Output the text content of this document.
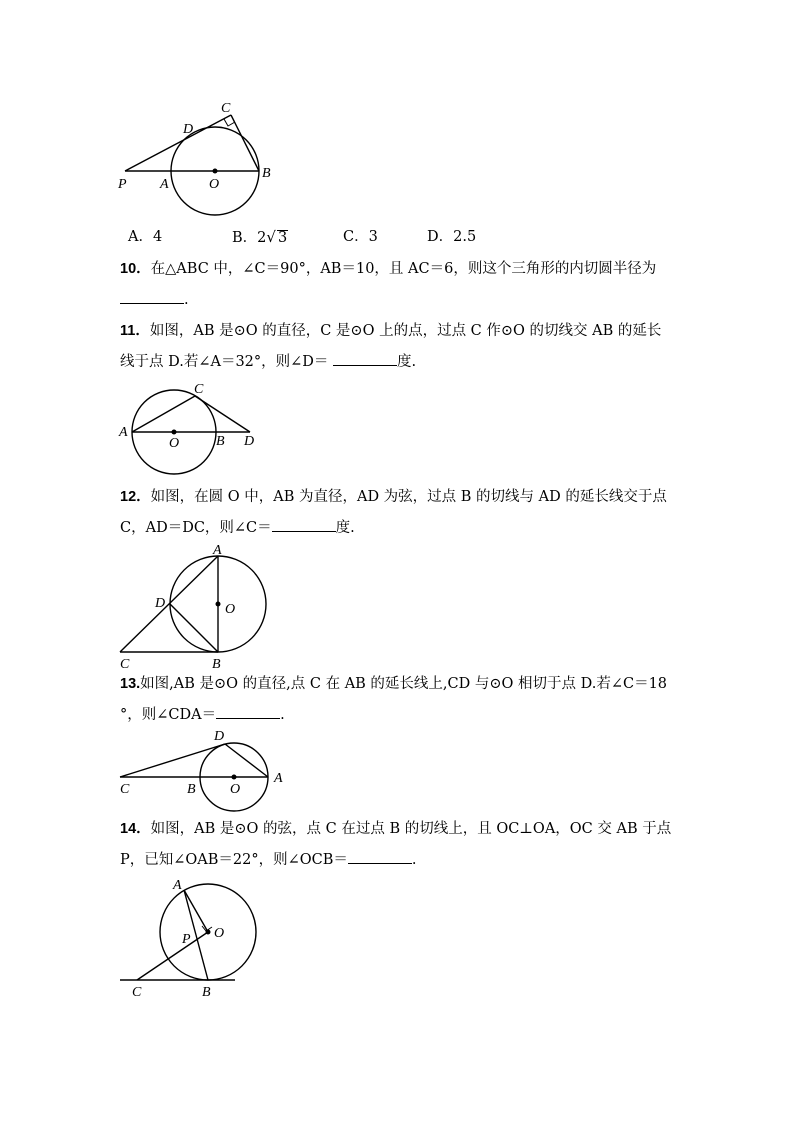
C
D
P A	O
B
A．4	B．2√ 3	C．3	D．2.5
10．在△ABC 中，∠C＝90°，AB＝10，且 AC＝6，则这个三角形的内切圆半径为
.
11．如图，AB 是⊙O 的直径，C 是⊙O 上的点，过点 C 作⊙O 的切线交 AB 的延长
线于点 D.若∠A＝32°，则∠D＝	度.
C
A
O	B D
12．如图，在圆 O 中，AB 为直径，AD 为弦，过点 B 的切线与 AD 的延长线交于点
C，AD＝DC，则∠C＝	度.
A
D	O
C	B
13.如图,AB 是⊙O 的直径,点 C 在 AB 的延长线上,CD 与⊙O 相切于点 D.若∠C＝18
°，则∠CDA＝	.
D
C	B O
A
14．如图，AB 是⊙O 的弦，点 C 在过点 B 的切线上，且 OC⊥OA，OC 交 AB 于点
P，已知∠OAB＝22°，则∠OCB＝	.
A
P O
C	B
